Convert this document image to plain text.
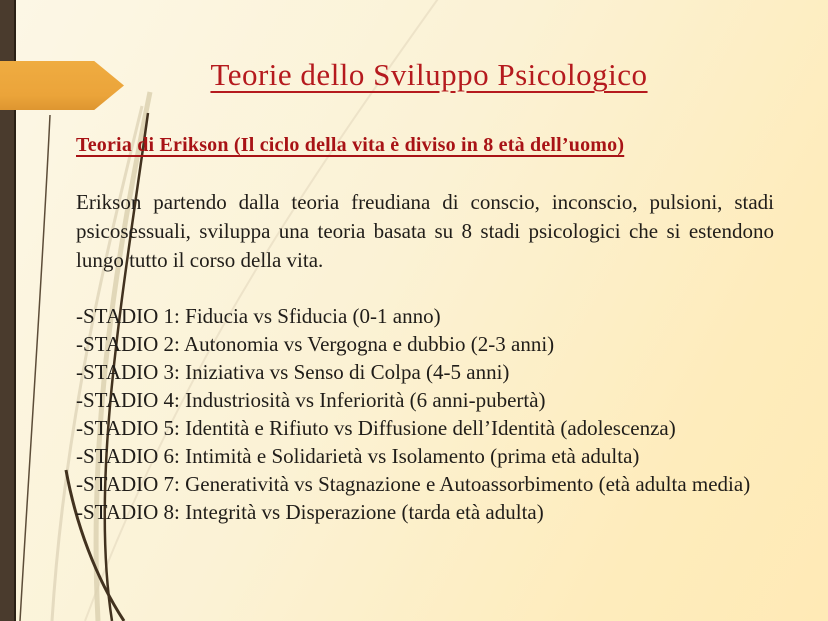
Teorie dello Sviluppo Psicologico
Teoria di Erikson (Il ciclo della vita è diviso in 8 età dell’uomo)

Erikson partendo dalla teoria freudiana di conscio, inconscio, pulsioni, stadi psicosessuali, sviluppa una teoria basata su 8 stadi psicologici che si estendono lungo tutto il corso della vita.

-STADIO 1: Fiducia vs Sfiducia (0-1 anno)
-STADIO 2: Autonomia vs Vergogna e dubbio (2-3 anni)
-STADIO 3: Iniziativa vs Senso di Colpa (4-5 anni)
-STADIO 4: Industriosità vs Inferiorità (6 anni-pubertà)
-STADIO 5: Identità e Rifiuto vs Diffusione dell’Identità (adolescenza)
-STADIO 6: Intimità e Solidarietà vs Isolamento (prima età adulta)
-STADIO 7: Generatività vs Stagnazione e Autoassorbimento (età adulta media)
-STADIO 8: Integrità vs Disperazione (tarda età adulta)
